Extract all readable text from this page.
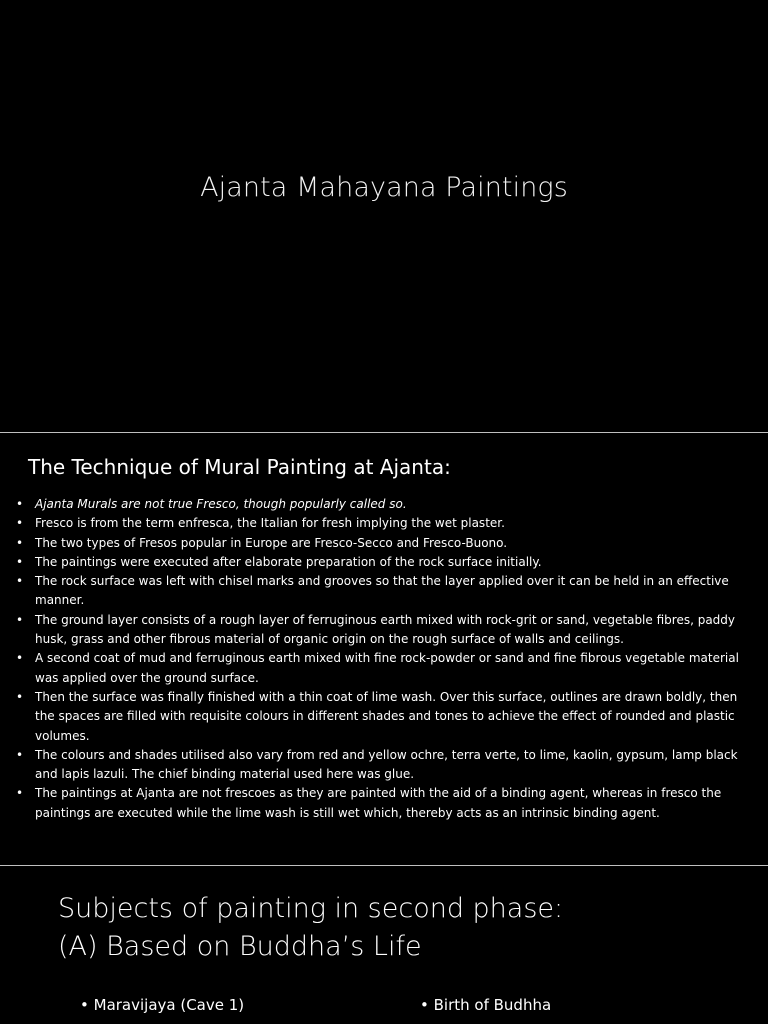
Ajanta Mahayana Paintings
The Technique of Mural Painting at Ajanta:
• Ajanta Murals are not true Fresco, though popularly called so.
• Fresco is from the term enfresca, the Italian for fresh implying the wet plaster.
• The two types of Fresos popular in Europe are Fresco-Secco and Fresco-Buono.
• The paintings were executed after elaborate preparation of the rock surface initially.
• The rock surface was left with chisel marks and grooves so that the layer applied over it can be held in an effective manner.
• The ground layer consists of a rough layer of ferruginous earth mixed with rock-grit or sand, vegetable fibres, paddy husk, grass and other fibrous material of organic origin on the rough surface of walls and ceilings.
• A second coat of mud and ferruginous earth mixed with fine rock-powder or sand and fine fibrous vegetable material was applied over the ground surface.
• Then the surface was finally finished with a thin coat of lime wash. Over this surface, outlines are drawn boldly, then the spaces are filled with requisite colours in different shades and tones to achieve the effect of rounded and plastic volumes.
• The colours and shades utilised also vary from red and yellow ochre, terra verte, to lime, kaolin, gypsum, lamp black and lapis lazuli. The chief binding material used here was glue.
• The paintings at Ajanta are not frescoes as they are painted with the aid of a binding agent, whereas in fresco the paintings are executed while the lime wash is still wet which, thereby acts as an intrinsic binding agent.
Subjects of painting in second phase:
(A) Based on Buddha’s Life
• Maravijaya (Cave 1)
•	Birth of Budhha
